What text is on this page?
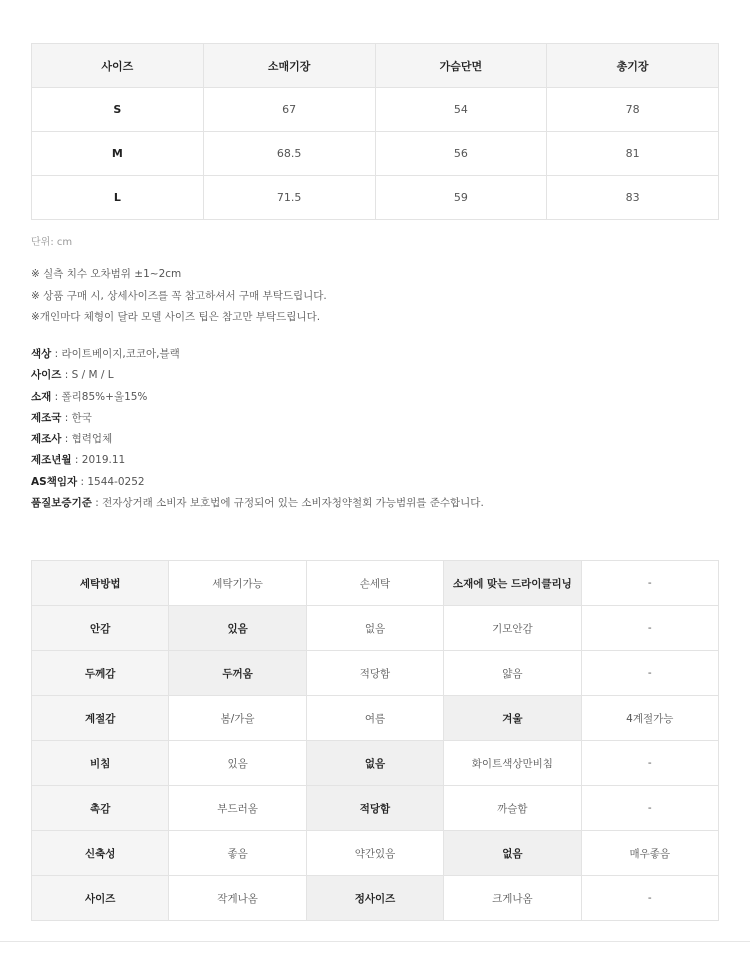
사이즈	소매기장	가슴단면	총기장
S	67	54	78
M	68.5	56	81
L	71.5	59	83
단위: cm
※ 실측 치수 오차범위 ±1~2cm
※ 상품 구매 시, 상세사이즈를 꼭 참고하셔서 구매 부탁드립니다.
※개인마다 체형이 달라 모델 사이즈 팁은 참고만 부탁드립니다.
색상 : 라이트베이지,코코아,블랙
사이즈 : S / M / L
소재 : 폴리85%+울15%
제조국 : 한국
제조사 : 협력업체
제조년월 : 2019.11
AS책임자 : 1544-0252
품질보증기준 : 전자상거래 소비자 보호법에 규정되어 있는 소비자청약철회 가능범위를 준수합니다.
세탁방법	세탁기가능	손세탁	소재에 맞는 드라이클리닝	-
안감	있음	없음	기모안감	-
두께감	두꺼움	적당함	얇음	-
계절감	봄/가을	여름	겨울	4계절가능
비침	있음	없음	화이트색상만비침	-
촉감	부드러움	적당함	까슬함	-
신축성	좋음	약간있음	없음	매우좋음
사이즈	작게나옴	정사이즈	크게나옴	-
